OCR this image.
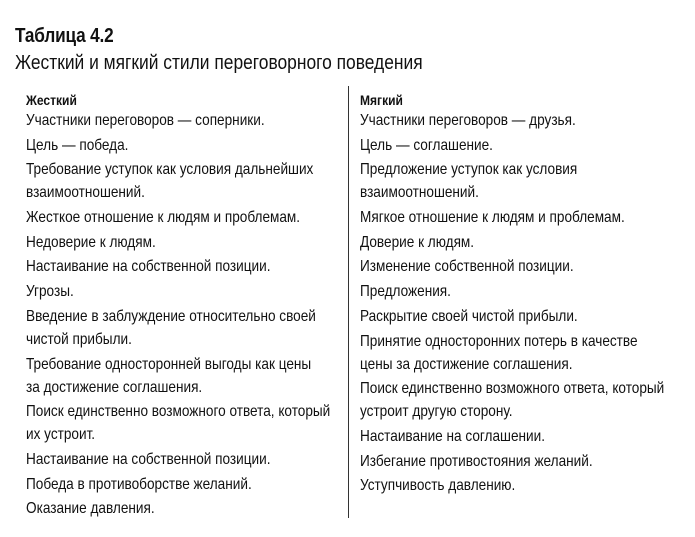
Таблица 4.2
Жесткий и мягкий стили переговорного поведения
Жесткий
Участники переговоров — соперники.
Цель — победа.
Требование уступок как условия дальнейших
взаимоотношений.
Жесткое отношение к людям и проблемам.
Недоверие к людям.
Настаивание на собственной позиции.
Угрозы.
Введение в заблуждение относительно своей
чистой прибыли.
Требование односторонней выгоды как цены
за достижение соглашения.
Поиск единственно возможного ответа, который
их устроит.
Настаивание на собственной позиции.
Победа в противоборстве желаний.
Оказание давления.
Мягкий
Участники переговоров — друзья.
Цель — соглашение.
Предложение уступок как условия
взаимоотношений.
Мягкое отношение к людям и проблемам.
Доверие к людям.
Изменение собственной позиции.
Предложения.
Раскрытие своей чистой прибыли.
Принятие односторонних потерь в качестве
цены за достижение соглашения.
Поиск единственно возможного ответа, который
устроит другую сторону.
Настаивание на соглашении.
Избегание противостояния желаний.
Уступчивость давлению.
